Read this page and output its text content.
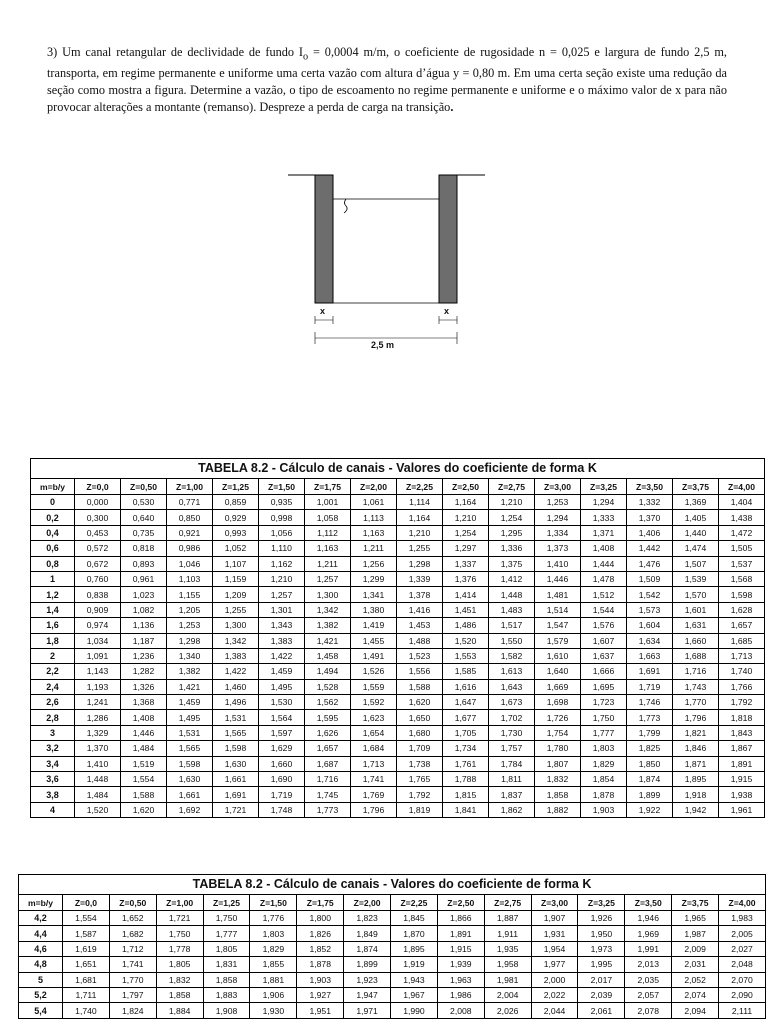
3) Um canal retangular de declividade de fundo $I_o = 0,0004$ m/m, o coeficiente de rugosidade n = 0,025 e largura de fundo 2,5 m, transporta, em regime permanente e uniforme uma certa vazão com altura d’água y = 0,80 m. Em uma certa seção existe uma redução da seção como mostra a figura. Determine a vazão, o tipo de escoamento no regime permanente e uniforme e o máximo valor de x para não provocar alterações a montante (remanso). Despreze a perda de carga na transição.
x	x
2,5 m
TABELA 8.2 - Cálculo de canais - Valores do coeficiente de forma K
m=b/y	Z=0,0	Z=0,50	Z=1,00	Z=1,25	Z=1,50	Z=1,75	Z=2,00	Z=2,25	Z=2,50	Z=2,75	Z=3,00	Z=3,25	Z=3,50	Z=3,75	Z=4,00
0	0,000	0,530	0,771	0,859	0,935	1,001	1,061	1,114	1,164	1,210	1,253	1,294	1,332	1,369	1,404
0,2	0,300	0,640	0,850	0,929	0,998	1,058	1,113	1,164	1,210	1,254	1,294	1,333	1,370	1,405	1,438
0,4	0,453	0,735	0,921	0,993	1,056	1,112	1,163	1,210	1,254	1,295	1,334	1,371	1,406	1,440	1,472
0,6	0,572	0,818	0,986	1,052	1,110	1,163	1,211	1,255	1,297	1,336	1,373	1,408	1,442	1,474	1,505
0,8	0,672	0,893	1,046	1,107	1,162	1,211	1,256	1,298	1,337	1,375	1,410	1,444	1,476	1,507	1,537
1	0,760	0,961	1,103	1,159	1,210	1,257	1,299	1,339	1,376	1,412	1,446	1,478	1,509	1,539	1,568
1,2	0,838	1,023	1,155	1,209	1,257	1,300	1,341	1,378	1,414	1,448	1,481	1,512	1,542	1,570	1,598
1,4	0,909	1,082	1,205	1,255	1,301	1,342	1,380	1,416	1,451	1,483	1,514	1,544	1,573	1,601	1,628
1,6	0,974	1,136	1,253	1,300	1,343	1,382	1,419	1,453	1,486	1,517	1,547	1,576	1,604	1,631	1,657
1,8	1,034	1,187	1,298	1,342	1,383	1,421	1,455	1,488	1,520	1,550	1,579	1,607	1,634	1,660	1,685
2	1,091	1,236	1,340	1,383	1,422	1,458	1,491	1,523	1,553	1,582	1,610	1,637	1,663	1,688	1,713
2,2	1,143	1,282	1,382	1,422	1,459	1,494	1,526	1,556	1,585	1,613	1,640	1,666	1,691	1,716	1,740
2,4	1,193	1,326	1,421	1,460	1,495	1,528	1,559	1,588	1,616	1,643	1,669	1,695	1,719	1,743	1,766
2,6	1,241	1,368	1,459	1,496	1,530	1,562	1,592	1,620	1,647	1,673	1,698	1,723	1,746	1,770	1,792
2,8	1,286	1,408	1,495	1,531	1,564	1,595	1,623	1,650	1,677	1,702	1,726	1,750	1,773	1,796	1,818
3	1,329	1,446	1,531	1,565	1,597	1,626	1,654	1,680	1,705	1,730	1,754	1,777	1,799	1,821	1,843
3,2	1,370	1,484	1,565	1,598	1,629	1,657	1,684	1,709	1,734	1,757	1,780	1,803	1,825	1,846	1,867
3,4	1,410	1,519	1,598	1,630	1,660	1,687	1,713	1,738	1,761	1,784	1,807	1,829	1,850	1,871	1,891
3,6	1,448	1,554	1,630	1,661	1,690	1,716	1,741	1,765	1,788	1,811	1,832	1,854	1,874	1,895	1,915
3,8	1,484	1,588	1,661	1,691	1,719	1,745	1,769	1,792	1,815	1,837	1,858	1,878	1,899	1,918	1,938
4	1,520	1,620	1,692	1,721	1,748	1,773	1,796	1,819	1,841	1,862	1,882	1,903	1,922	1,942	1,961
TABELA 8.2 - Cálculo de canais - Valores do coeficiente de forma K
m=b/y	Z=0,0	Z=0,50	Z=1,00	Z=1,25	Z=1,50	Z=1,75	Z=2,00	Z=2,25	Z=2,50	Z=2,75	Z=3,00	Z=3,25	Z=3,50	Z=3,75	Z=4,00
4,2	1,554	1,652	1,721	1,750	1,776	1,800	1,823	1,845	1,866	1,887	1,907	1,926	1,946	1,965	1,983
4,4	1,587	1,682	1,750	1,777	1,803	1,826	1,849	1,870	1,891	1,911	1,931	1,950	1,969	1,987	2,005
4,6	1,619	1,712	1,778	1,805	1,829	1,852	1,874	1,895	1,915	1,935	1,954	1,973	1,991	2,009	2,027
4,8	1,651	1,741	1,805	1,831	1,855	1,878	1,899	1,919	1,939	1,958	1,977	1,995	2,013	2,031	2,048
5	1,681	1,770	1,832	1,858	1,881	1,903	1,923	1,943	1,963	1,981	2,000	2,017	2,035	2,052	2,070
5,2	1,711	1,797	1,858	1,883	1,906	1,927	1,947	1,967	1,986	2,004	2,022	2,039	2,057	2,074	2,090
5,4	1,740	1,824	1,884	1,908	1,930	1,951	1,971	1,990	2,008	2,026	2,044	2,061	2,078	2,094	2,111
